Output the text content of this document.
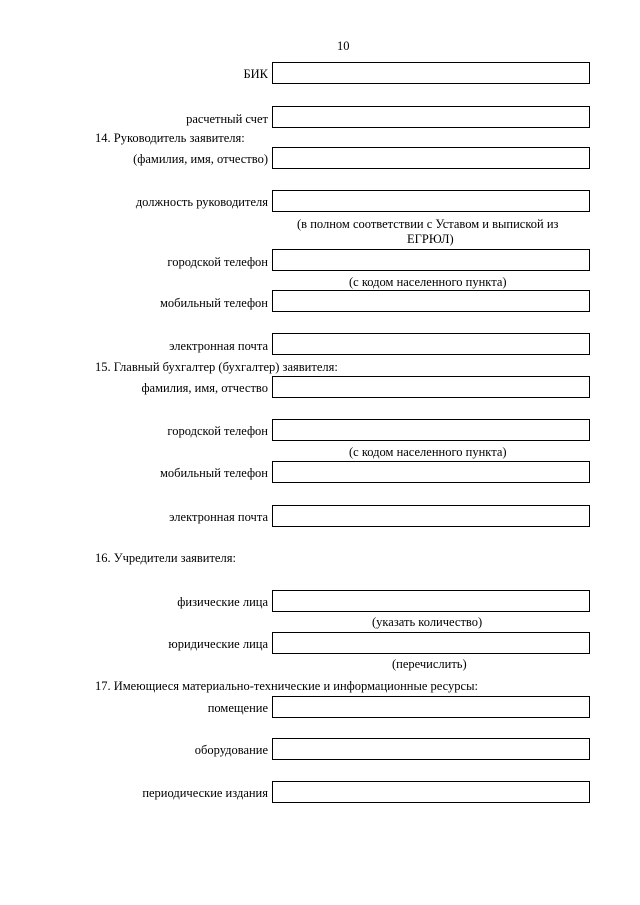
10
БИК
расчетный счет
14. Руководитель заявителя:
(фамилия, имя, отчество)
должность руководителя
(в полном соответствии с Уставом и выпиской из
ЕГРЮЛ)
городской телефон
(с кодом населенного пункта)
мобильный телефон
электронная почта
15. Главный бухгалтер (бухгалтер) заявителя:
фамилия, имя, отчество
городской телефон
(с кодом населенного пункта)
мобильный телефон
электронная почта
16. Учредители заявителя:
физические лица
(указать количество)
юридические лица
(перечислить)
17. Имеющиеся материально-технические и информационные ресурсы:
помещение
оборудование
периодические издания
